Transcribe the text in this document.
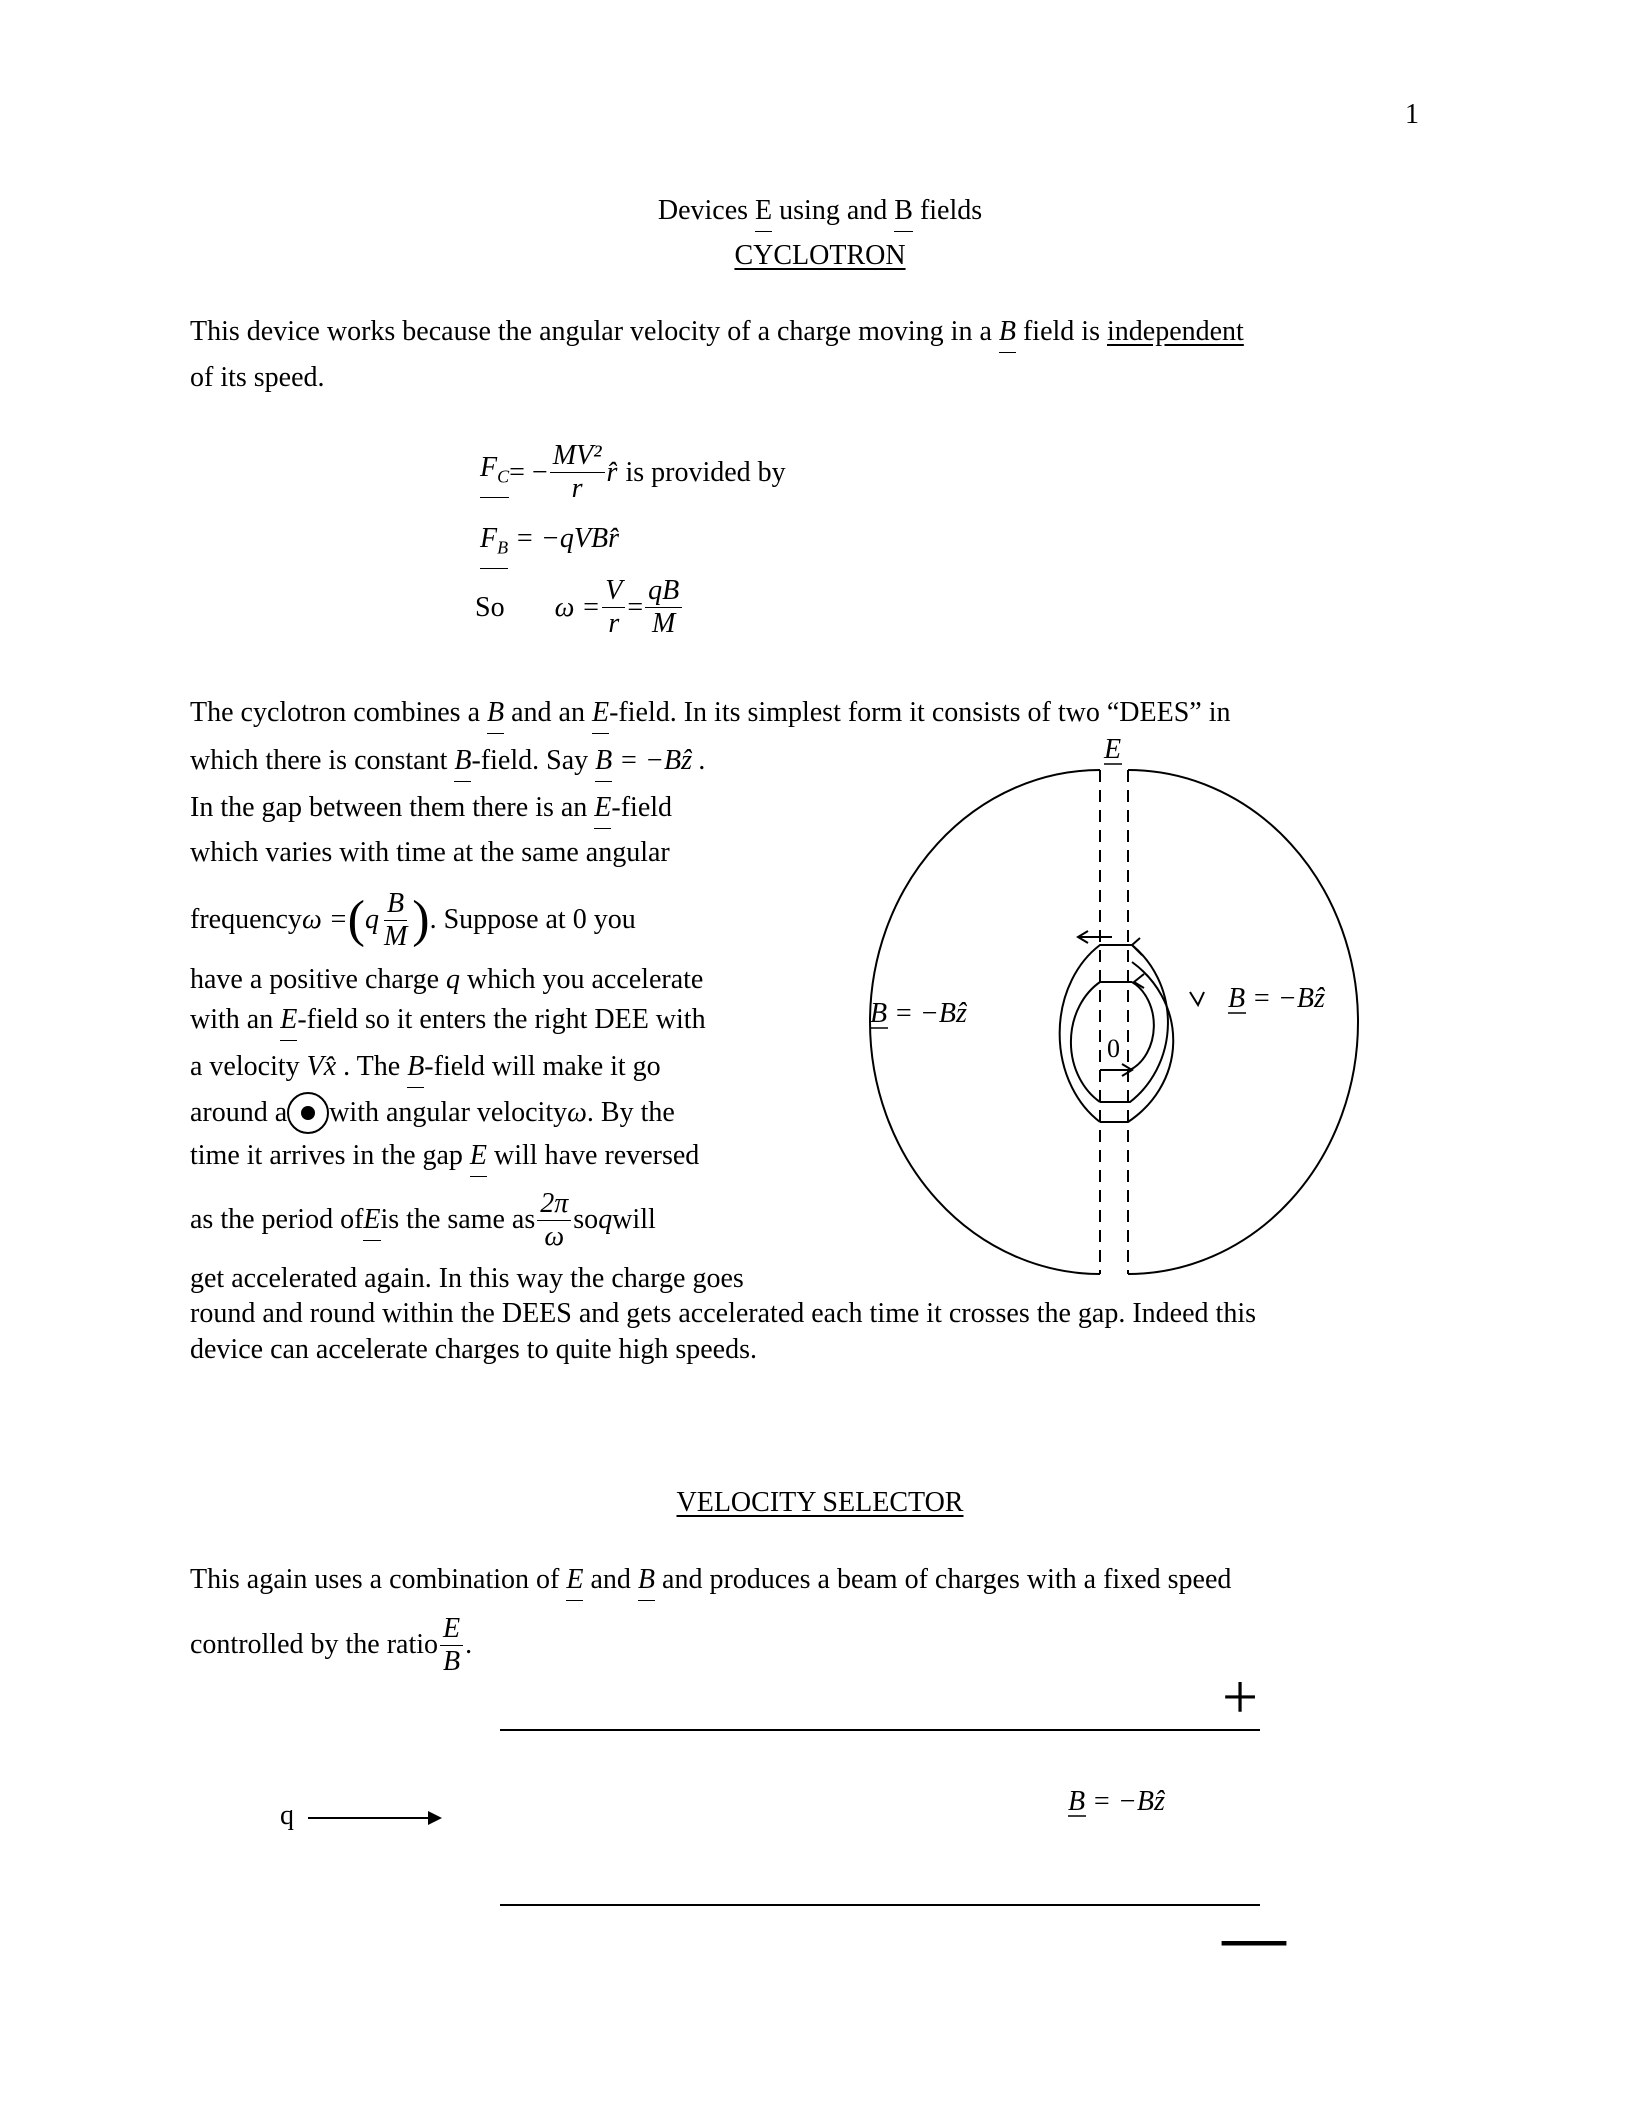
1
Devices E using and B fields
CYCLOTRON
This device works because the angular velocity of a charge moving in a B field is independent
of its speed.
$F_C$ = − $\frac{\text{MV²}}{r}$ r̂ is provided by
$F_B$ = −qVBr̂
So $\omega = \frac{V}{r} = \frac{qB}{M}$
The cyclotron combines a B and an E-field. In its simplest form it consists of two “DEES” in
which there is constant B-field. Say B = −Bẑ .
In the gap between them there is an E-field
which varies with time at the same angular
frequency ω = ( q $\frac{B}{M}$ ) . Suppose at 0 you
have a positive charge q which you accelerate
with an E-field so it enters the right DEE with
a velocity Vx̂ . The B-field will make it go
around a with angular velocity ω . By the
time it arrives in the gap E will have reversed
as the period of E is the same as $\frac{2\pi}{\omega}$ so q will
get accelerated again. In this way the charge goes
round and round within the DEES and gets accelerated each time it crosses the gap. Indeed this
device can accelerate charges to quite high speeds.
E
B = −Bẑ	B = −Bẑ
0
VELOCITY SELECTOR
This again uses a combination of E and B and produces a beam of charges with a fixed speed
controlled by the ratio $\frac{E}{B}$ .
+
—
q	B = −Bẑ
